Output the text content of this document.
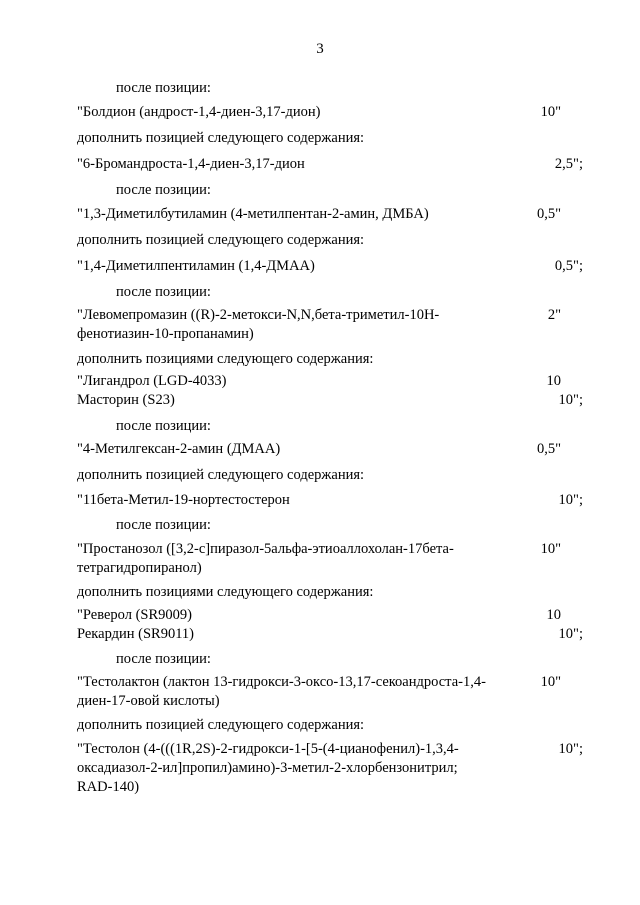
3
после позиции:
"Болдион (андрост-1,4-диен-3,17-дион)	10"
дополнить позицией следующего содержания:
"6-Бромандроста-1,4-диен-3,17-дион	2,5";
после позиции:
"1,3-Диметилбутиламин (4-метилпентан-2-амин, ДМБА)	0,5"
дополнить позицией следующего содержания:
"1,4-Диметилпентиламин (1,4-ДМАА)	0,5";
после позиции:
"Левомепромазин ((R)-2-метокси-N,N,бета-триметил-10H-
фенотиазин-10-пропанамин)
2"
дополнить позициями следующего содержания:
"Лигандрол (LGD-4033)	10
Масторин (S23)	10";
после позиции:
"4-Метилгексан-2-амин (ДМАА)	0,5"
дополнить позицией следующего содержания:
"11бета-Метил-19-нортестостерон	10";
после позиции:
"Простанозол ([3,2-c]пиразол-5альфа-этиоаллохолан-17бета-
тетрагидропиранол)
10"
дополнить позициями следующего содержания:
"Реверол (SR9009)	10
Рекардин (SR9011)	10";
после позиции:
"Тестолактон (лактон 13-гидрокси-3-оксо-13,17-секоандроста-1,4-
диен-17-овой кислоты)
10"
дополнить позицией следующего содержания:
"Тестолон (4-(((1R,2S)-2-гидрокси-1-[5-(4-цианофенил)-1,3,4-
оксадиазол-2-ил]пропил)амино)-3-метил-2-хлорбензонитрил;
RAD-140)
10";
